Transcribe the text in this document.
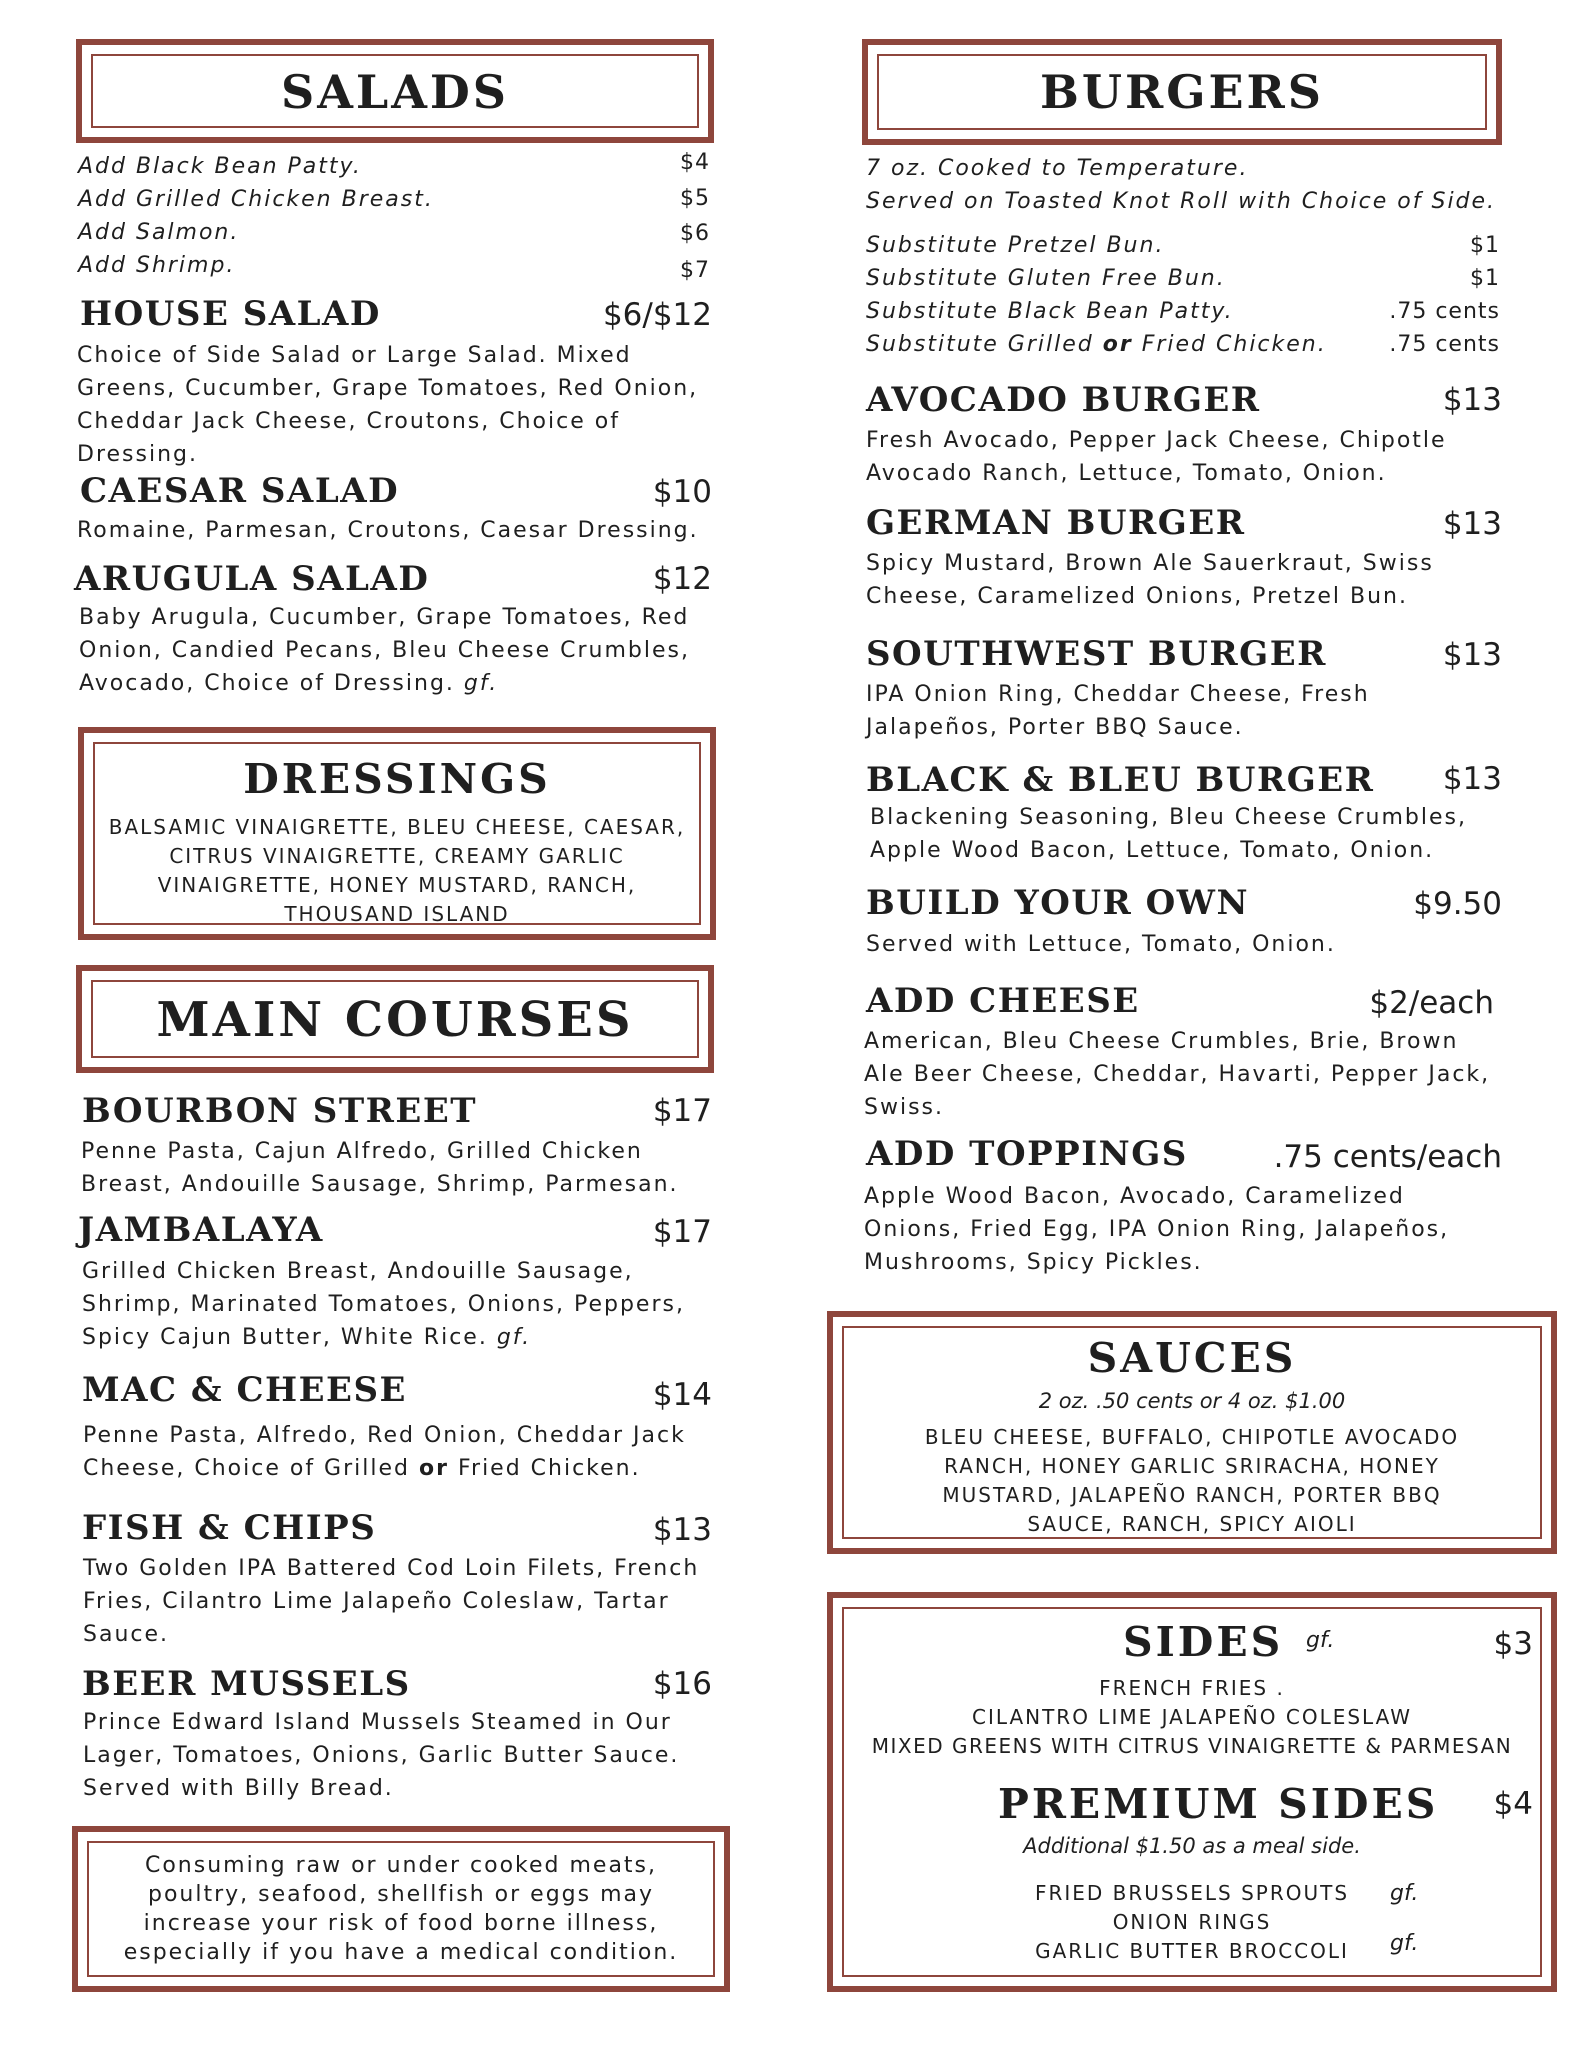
SALADS
Add Black Bean Patty.	$4
Add Grilled Chicken Breast.	$5
Add Salmon.	$6
Add Shrimp.	$7
HOUSE SALAD	$6/$12
Choice of Side Salad or Large Salad. Mixed Greens, Cucumber, Grape Tomatoes, Red Onion, Cheddar Jack Cheese, Croutons, Choice of Dressing.
CAESAR SALAD	$10
Romaine, Parmesan, Croutons, Caesar Dressing.
ARUGULA SALAD	$12
Baby Arugula, Cucumber, Grape Tomatoes, Red Onion, Candied Pecans, Bleu Cheese Crumbles, Avocado, Choice of Dressing. gf.
DRESSINGS
BALSAMIC VINAIGRETTE, BLEU CHEESE, CAESAR,
CITRUS VINAIGRETTE, CREAMY GARLIC
VINAIGRETTE, HONEY MUSTARD, RANCH,
THOUSAND ISLAND
MAIN COURSES
BOURBON STREET	$17
Penne Pasta, Cajun Alfredo, Grilled Chicken Breast, Andouille Sausage, Shrimp, Parmesan.
JAMBALAYA	$17
Grilled Chicken Breast, Andouille Sausage, Shrimp, Marinated Tomatoes, Onions, Peppers, Spicy Cajun Butter, White Rice. gf.
MAC & CHEESE	$14
Penne Pasta, Alfredo, Red Onion, Cheddar Jack Cheese, Choice of Grilled or Fried Chicken.
FISH & CHIPS	$13
Two Golden IPA Battered Cod Loin Filets, French Fries, Cilantro Lime Jalapeño Coleslaw, Tartar Sauce.
BEER MUSSELS	$16
Prince Edward Island Mussels Steamed in Our Lager, Tomatoes, Onions, Garlic Butter Sauce. Served with Billy Bread.
Consuming raw or under cooked meats, poultry, seafood, shellfish or eggs may increase your risk of food borne illness, especially if you have a medical condition.
BURGERS
7 oz. Cooked to Temperature.
Served on Toasted Knot Roll with Choice of Side.
Substitute Pretzel Bun.	$1
Substitute Gluten Free Bun.	$1
Substitute Black Bean Patty.	.75 cents
Substitute Grilled or Fried Chicken.	.75 cents
AVOCADO BURGER	$13
Fresh Avocado, Pepper Jack Cheese, Chipotle Avocado Ranch, Lettuce, Tomato, Onion.
GERMAN BURGER	$13
Spicy Mustard, Brown Ale Sauerkraut, Swiss Cheese, Caramelized Onions, Pretzel Bun.
SOUTHWEST BURGER	$13
IPA Onion Ring, Cheddar Cheese, Fresh Jalapeños, Porter BBQ Sauce.
BLACK & BLEU BURGER	$13
Blackening Seasoning, Bleu Cheese Crumbles, Apple Wood Bacon, Lettuce, Tomato, Onion.
BUILD YOUR OWN	$9.50
Served with Lettuce, Tomato, Onion.
ADD CHEESE	$2/each
American, Bleu Cheese Crumbles, Brie, Brown Ale Beer Cheese, Cheddar, Havarti, Pepper Jack, Swiss.
ADD TOPPINGS	.75 cents/each
Apple Wood Bacon, Avocado, Caramelized Onions, Fried Egg, IPA Onion Ring, Jalapeños, Mushrooms, Spicy Pickles.
SAUCES
2 oz. .50 cents or 4 oz. $1.00
BLEU CHEESE, BUFFALO, CHIPOTLE AVOCADO
RANCH, HONEY GARLIC SRIRACHA, HONEY
MUSTARD, JALAPEÑO RANCH, PORTER BBQ
SAUCE, RANCH, SPICY AIOLI
SIDES gf.	$3
FRENCH FRIES .
CILANTRO LIME JALAPEÑO COLESLAW
MIXED GREENS WITH CITRUS VINAIGRETTE & PARMESAN
PREMIUM SIDES	$4
Additional $1.50 as a meal side.
FRIED BRUSSELS SPROUTS	gf.
ONION RINGS
GARLIC BUTTER BROCCOLI	gf.
